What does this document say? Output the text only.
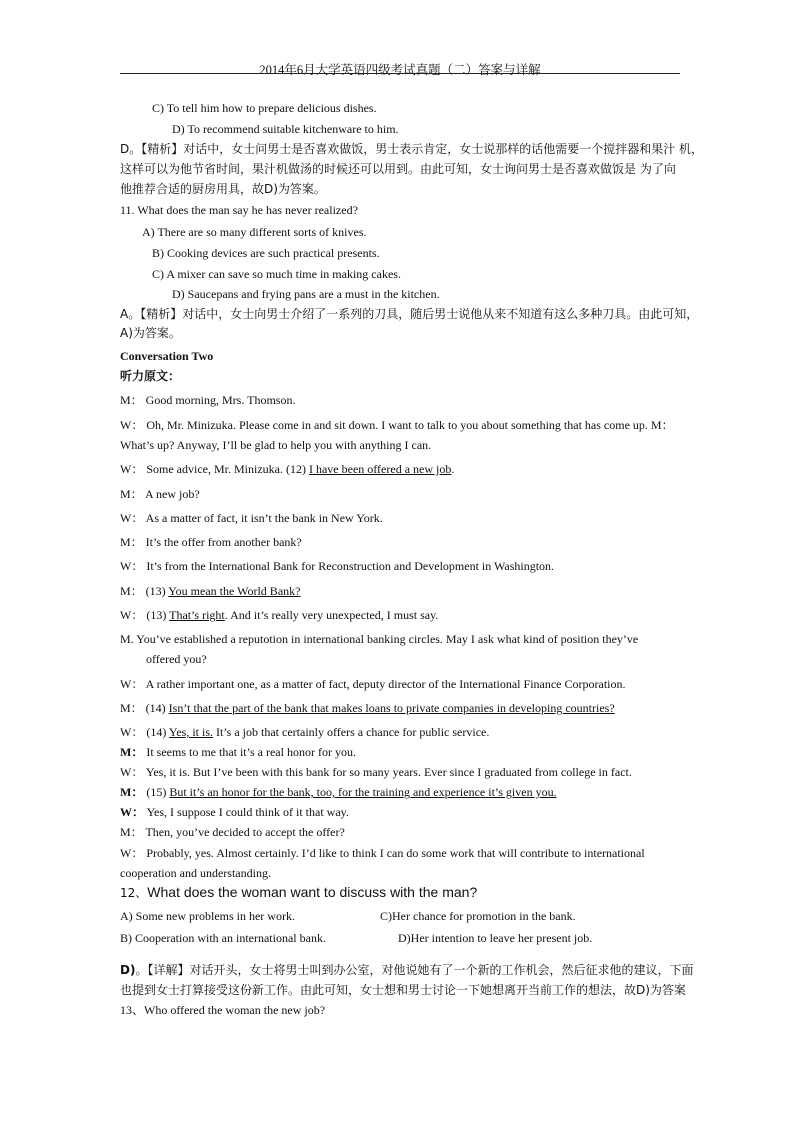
2014年6月大学英语四级考试真题（二）答案与详解
C) To tell him how to prepare delicious dishes.
D) To recommend suitable kitchenware to him.
D。【精析】对话中，女士问男士是否喜欢做饭，男士表示肯定，女士说那样的话他需要一个搅拌器和果汁 机，
这样可以为他节省时间，果汁机做汤的时候还可以用到。由此可知，女士询问男士是否喜欢做饭是 为了向
他推荐合适的厨房用具，故D)为答案。
11. What does the man say he has never realized?
A) There are so many different sorts of knives.
B) Cooking devices are such practical presents.
C) A mixer can save so much time in making cakes.
D) Saucepans and frying pans are a must in the kitchen.
A。【精析】对话中，女士向男士介绍了一系列的刀具，随后男士说他从来不知道有这么多种刀具。由此可知，
A)为答案。
Conversation Two
听力原文：
M： Good morning, Mrs. Thomson.
W： Oh, Mr. Minizuka. Please come in and sit down. I want to talk to you about something that has come up. M：
What’s up? Anyway, I’ll be glad to help you with anything I can.
W： Some advice, Mr. Minizuka. (12) I have been offered a new job.
M： A new job?
W： As a matter of fact, it isn’t the bank in New York.
M： It’s the offer from another bank?
W： It’s from the International Bank for Reconstruction and Development in Washington.
M： (13) You mean the World Bank?
W： (13) That’s right. And it’s really very unexpected, I must say.
M. You’ve established a reputotion in international banking circles. May I ask what kind of position they’ve
offered you?
W： A rather important one, as a matter of fact, deputy director of the International Finance Corporation.
M： (14) Isn’t that the part of the bank that makes loans to private companies in developing countries?
W： (14) Yes, it is. It’s a job that certainly offers a chance for public service.
M： It seems to me that it’s a real honor for you.
W： Yes, it is. But I’ve been with this bank for so many years. Ever since I graduated from college in fact.
M： (15) But it’s an honor for the bank, too, for the training and experience it’s given you.
W： Yes, I suppose I could think of it that way.
M： Then, you’ve decided to accept the offer?
W： Probably, yes. Almost certainly. I’d like to think I can do some work that will contribute to international
cooperation and understanding.
12、What does the woman want to discuss with the man?
A) Some new problems in her work.	C)Her chance for promotion in the bank.
B) Cooperation with an international bank.	D)Her intention to leave her present job.
D)。【详解】对话开头，女士将男士叫到办公室，对他说她有了一个新的工作机会，然后征求他的建议，下面
也提到女士打算接受这份新工作。由此可知，女士想和男士讨论一下她想离开当前工作的想法，故D)为答案
13、Who offered the woman the new job?
